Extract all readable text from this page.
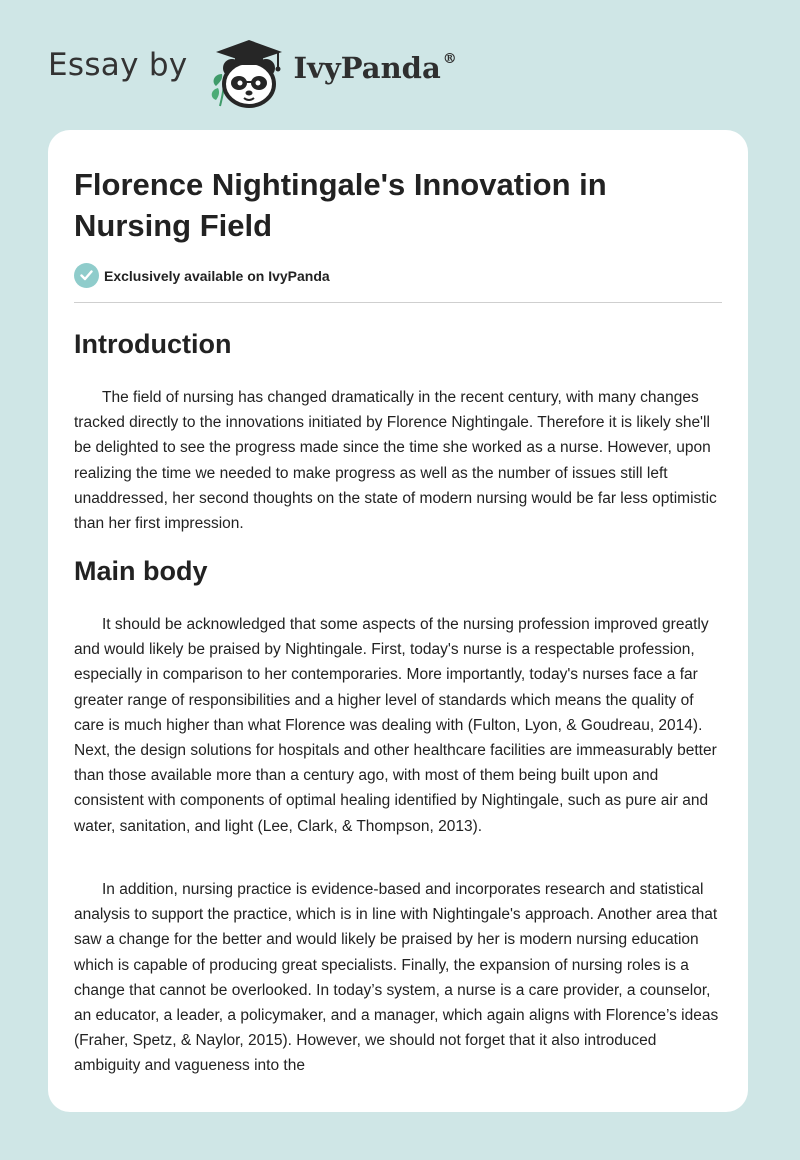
Essay by	IvyPanda®
Florence Nightingale's Innovation in Nursing Field
Exclusively available on IvyPanda
Introduction

The field of nursing has changed dramatically in the recent century, with many changes tracked directly to the innovations initiated by Florence Nightingale. Therefore it is likely she'll be delighted to see the progress made since the time she worked as a nurse. However, upon realizing the time we needed to make progress as well as the number of issues still left unaddressed, her second thoughts on the state of modern nursing would be far less optimistic than her first impression.

Main body

It should be acknowledged that some aspects of the nursing profession improved greatly and would likely be praised by Nightingale. First, today's nurse is a respectable profession, especially in comparison to her contemporaries. More importantly, today's nurses face a far greater range of responsibilities and a higher level of standards which means the quality of care is much higher than what Florence was dealing with (Fulton, Lyon, & Goudreau, 2014). Next, the design solutions for hospitals and other healthcare facilities are immeasurably better than those available more than a century ago, with most of them being built upon and consistent with components of optimal healing identified by Nightingale, such as pure air and water, sanitation, and light (Lee, Clark, & Thompson, 2013).

In addition, nursing practice is evidence-based and incorporates research and statistical analysis to support the practice, which is in line with Nightingale's approach. Another area that saw a change for the better and would likely be praised by her is modern nursing education which is capable of producing great specialists. Finally, the expansion of nursing roles is a change that cannot be overlooked. In today’s system, a nurse is a care provider, a counselor, an educator, a leader, a policymaker, and a manager, which again aligns with Florence’s ideas (Fraher, Spetz, & Naylor, 2015). However, we should not forget that it also introduced ambiguity and vagueness into the
